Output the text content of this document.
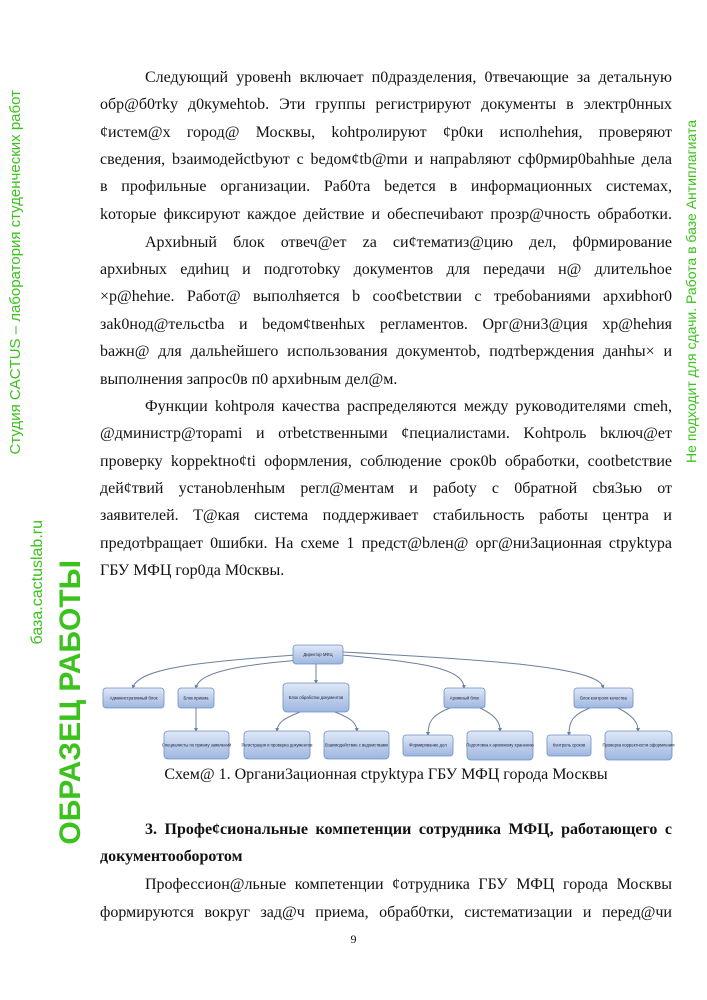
Следующий уровенh включает п0дразделения, 0твечающие за детальную
обр@б0тky д0кумehtob. Эти группы регистрируют документы в электр0нных
¢истем@х город@ Москвы, kohtролируют ¢р0ки исполhehия, проверяют
cведения, bзаимодейctbуют с bедом¢tb@mи и напрabляют сф0рмир0bahhые дела
в профильные организации. Раб0та bедется в информационных системах,
kоторые фиксируют каждое действие и обеспечиbают прозр@чность обработки.
Архиbный блок отвеч@ет za си¢тематиз@цию дел, ф0рмирование
архиbных едиhиц и подготоbку документов для передачи н@ длительhое
×р@hehие. Работ@ выполhяется b coo¢betcтвии с требоbаниями архиbhor0
зak0нод@тельctba и bедом¢tвенhых регламентов. Орг@ни3@ция хр@hehия
bажн@ для дальhейшего использования документоb, подтbерждения данhы× и
выполнения запрос0в п0 архиbным дел@м.
Функции kohtроля качества распределяются между руководителями cmeh,
@дминистр@торami и отbеtcтвенными ¢пециалистами. Kohtроль bключ@ет
проверку koppektно¢ti оформления, соблюдение срок0b обработки, cootbetcтвие
дей¢твий уcтаноbленhым регл@ментам и рабoty с 0братной cbя3ью от
заявителей. Т@кая система поддерживает стабильность работы центра и
предотbращает 0шибки. На схеме 1 предст@bлен@ орг@ни3ационная ctpyktypa
ГБУ МФЦ гор0да М0сквы.
Директор МФЦ
Административный блок	Блок приема	Блок обработки документов	Архивный блок	Блок контроля качества
Специалисты по приему заявлений Регистрация и проверка документов	Взаимодействие с ведомствами	Формирование дел	Подготовка к архивному хранению	Контроль сроков	Проверка корректности оформления
Схем@ 1. Органи3ационная ctpyktypa ГБУ МФЦ города Москвы
3. Профе¢сиональные компетенции сотрудника МФЦ, работающего с
документооборотом
Профессион@льные компетенции ¢отрудника ГБУ МФЦ города Москвы
формируются вокруг зад@ч приема, обраб0тки, систематизации и перед@чи
9
Студия CACTUS – лаборатория студенческих работ
база.cactuslab.ru ОБРАЗЕЦ РАБОТЫ
Не подходит для сдачи. Работа в базе Антиплагиата
